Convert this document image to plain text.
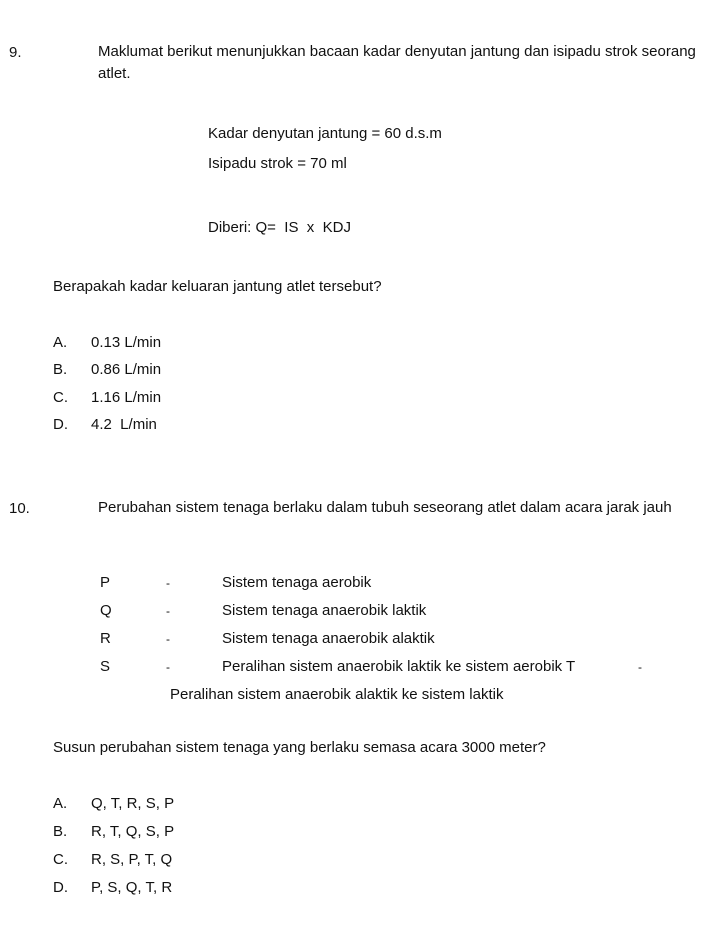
9.	Maklumat berikut menunjukkan bacaan kadar denyutan jantung dan isipadu strok seorang atlet.
Kadar denyutan jantung = 60 d.s.m
Isipadu strok = 70 ml
Diberi: Q=  IS  x  KDJ
Berapakah kadar keluaran jantung atlet tersebut?
A. 0.13 L/min
B. 0.86 L/min
C. 1.16 L/min
D. 4.2  L/min
10.	Perubahan sistem tenaga berlaku dalam tubuh seseorang atlet dalam acara jarak jauh
P	-	Sistem tenaga aerobik
Q	-	Sistem tenaga anaerobik laktik
R	-	Sistem tenaga anaerobik alaktik
S	-	Peralihan sistem anaerobik laktik ke sistem aerobik T	-
Peralihan sistem anaerobik alaktik ke sistem laktik
Susun perubahan sistem tenaga yang berlaku semasa acara 3000 meter?
A. Q, T, R, S, P
B. R, T, Q, S, P
C. R, S, P, T, Q
D. P, S, Q, T, R
